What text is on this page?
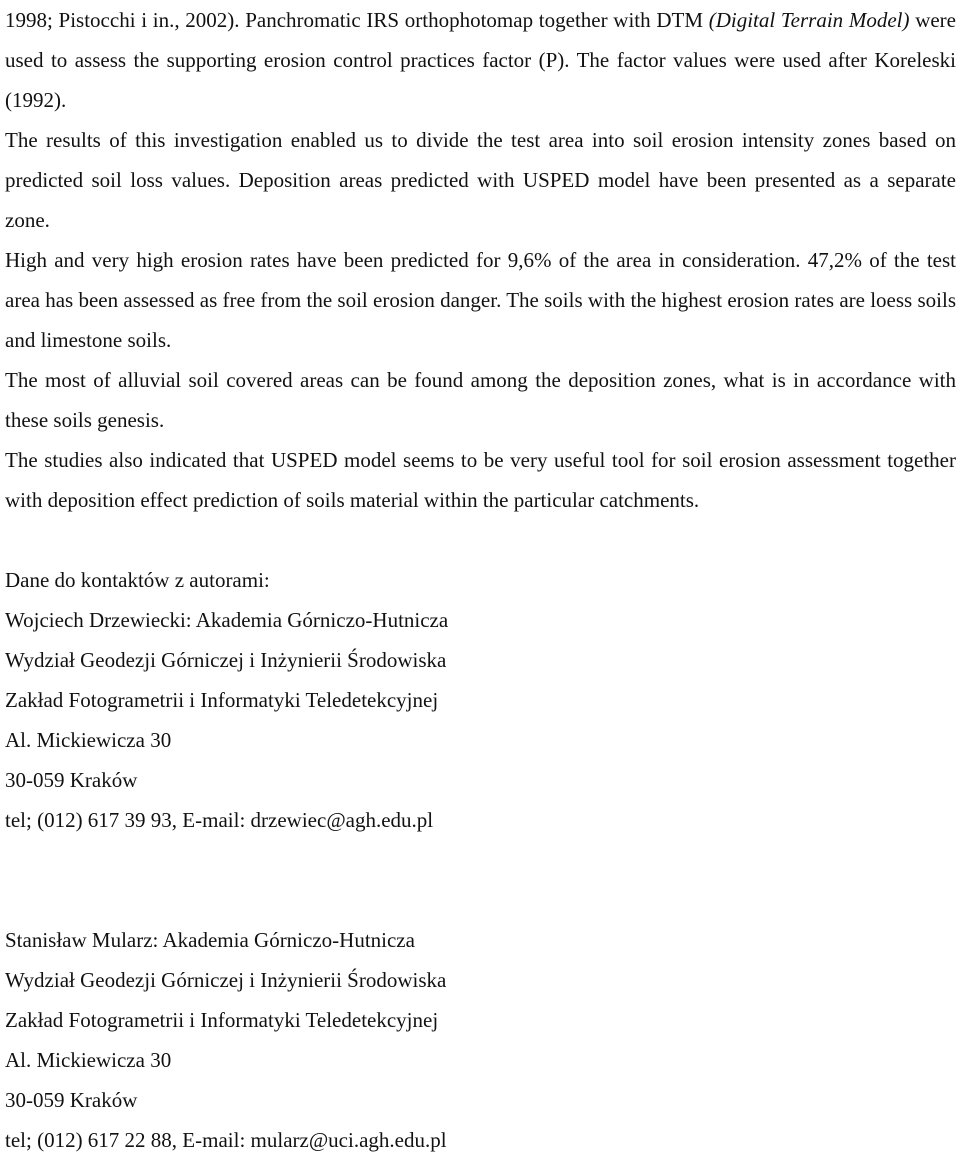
1998; Pistocchi i in., 2002). Panchromatic IRS orthophotomap together with DTM (Digital Terrain Model) were used to assess the supporting erosion control practices factor (P). The factor values were used after Koreleski (1992).

The results of this investigation enabled us to divide the test area into soil erosion intensity zones based on predicted soil loss values. Deposition areas predicted with USPED model have been presented as a separate zone.

High and very high erosion rates have been predicted for 9,6% of the area in consideration. 47,2% of the test area has been assessed as free from the soil erosion danger. The soils with the highest erosion rates are loess soils and limestone soils.

The most of alluvial soil covered areas can be found among the deposition zones, what is in accordance with these soils genesis.

The studies also indicated that USPED model seems to be very useful tool for soil erosion assessment together with deposition effect prediction of soils material within the particular catchments.

Dane do kontaktów z autorami:
Wojciech Drzewiecki: Akademia Górniczo-Hutnicza
Wydział Geodezji Górniczej i Inżynierii Środowiska
Zakład Fotogrametrii i Informatyki Teledetekcyjnej
Al. Mickiewicza 30
30-059 Kraków
tel; (012) 617 39 93, E-mail: drzewiec@agh.edu.pl
Stanisław Mularz: Akademia Górniczo-Hutnicza
Wydział Geodezji Górniczej i Inżynierii Środowiska
Zakład Fotogrametrii i Informatyki Teledetekcyjnej
Al. Mickiewicza 30
30-059 Kraków
tel; (012) 617 22 88, E-mail: mularz@uci.agh.edu.pl
